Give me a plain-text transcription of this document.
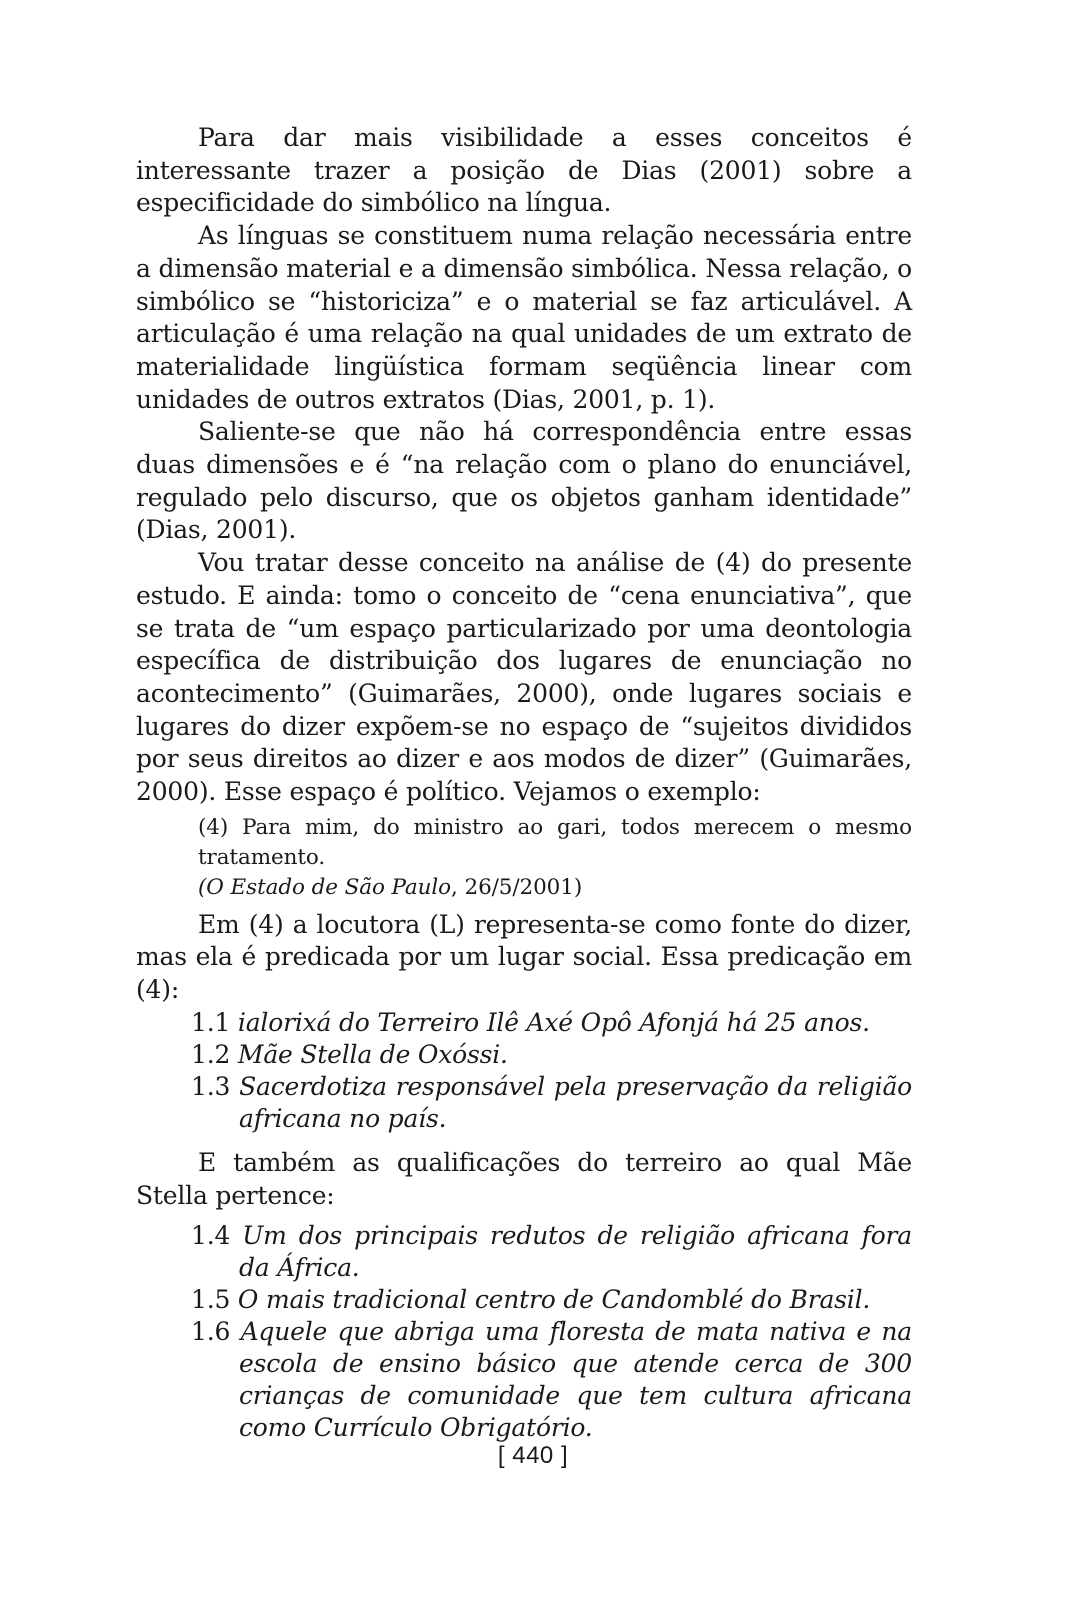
Para dar mais visibilidade a esses conceitos é interessante trazer a posição de Dias (2001) sobre a especificidade do simbólico na língua.

As línguas se constituem numa relação necessária entre a dimensão material e a dimensão simbólica. Nessa relação, o simbólico se “historiciza” e o material se faz articulável. A articulação é uma relação na qual unidades de um extrato de materialidade lingüística formam seqüência linear com unidades de outros extratos (Dias, 2001, p. 1).

Saliente-se que não há correspondência entre essas duas dimensões e é “na relação com o plano do enunciável, regulado pelo discurso, que os objetos ganham identidade” (Dias, 2001).

Vou tratar desse conceito na análise de (4) do presente estudo. E ainda: tomo o conceito de “cena enunciativa”, que se trata de “um espaço particularizado por uma deontologia específica de distribuição dos lugares de enunciação no acontecimento” (Guimarães, 2000), onde lugares sociais e lugares do dizer expõem-se no espaço de “sujeitos divididos por seus direitos ao dizer e aos modos de dizer” (Guimarães, 2000). Esse espaço é político. Vejamos o exemplo:

(4) Para mim, do ministro ao gari, todos merecem o mesmo tratamento.

(O Estado de São Paulo, 26/5/2001)

Em (4) a locutora (L) representa-se como fonte do dizer, mas ela é predicada por um lugar social. Essa predicação em (4):

1.1 ialorixá do Terreiro Ilê Axé Opô Afonjá há 25 anos.

1.2 Mãe Stella de Oxóssi.

1.3 Sacerdotiza responsável pela preservação da religião africana no país.

E também as qualificações do terreiro ao qual Mãe Stella pertence:

1.4 Um dos principais redutos de religião africana fora da África.

1.5 O mais tradicional centro de Candomblé do Brasil.

1.6 Aquele que abriga uma floresta de mata nativa e na escola de ensino básico que atende cerca de 300 crianças de comunidade que tem cultura africana como Currículo Obrigatório.

[ 440 ]
